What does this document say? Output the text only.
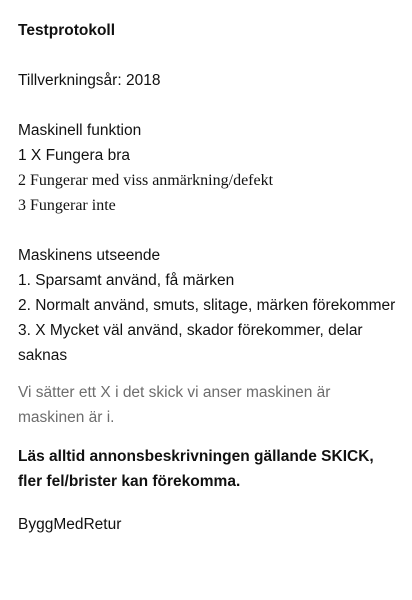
Testprotokoll
Tillverkningsår: 2018
Maskinell funktion
1 X Fungera bra
2 Fungerar med viss anmärkning/defekt
3 Fungerar inte
Maskinens utseende
1. Sparsamt använd, få märken
2. Normalt använd, smuts, slitage, märken förekommer
3. X Mycket väl använd, skador förekommer, delar saknas
Vi sätter ett X i det skick vi anser maskinen är maskinen är i.
Läs alltid annonsbeskrivningen gällande SKICK, fler fel/brister kan förekomma.
ByggMedRetur
